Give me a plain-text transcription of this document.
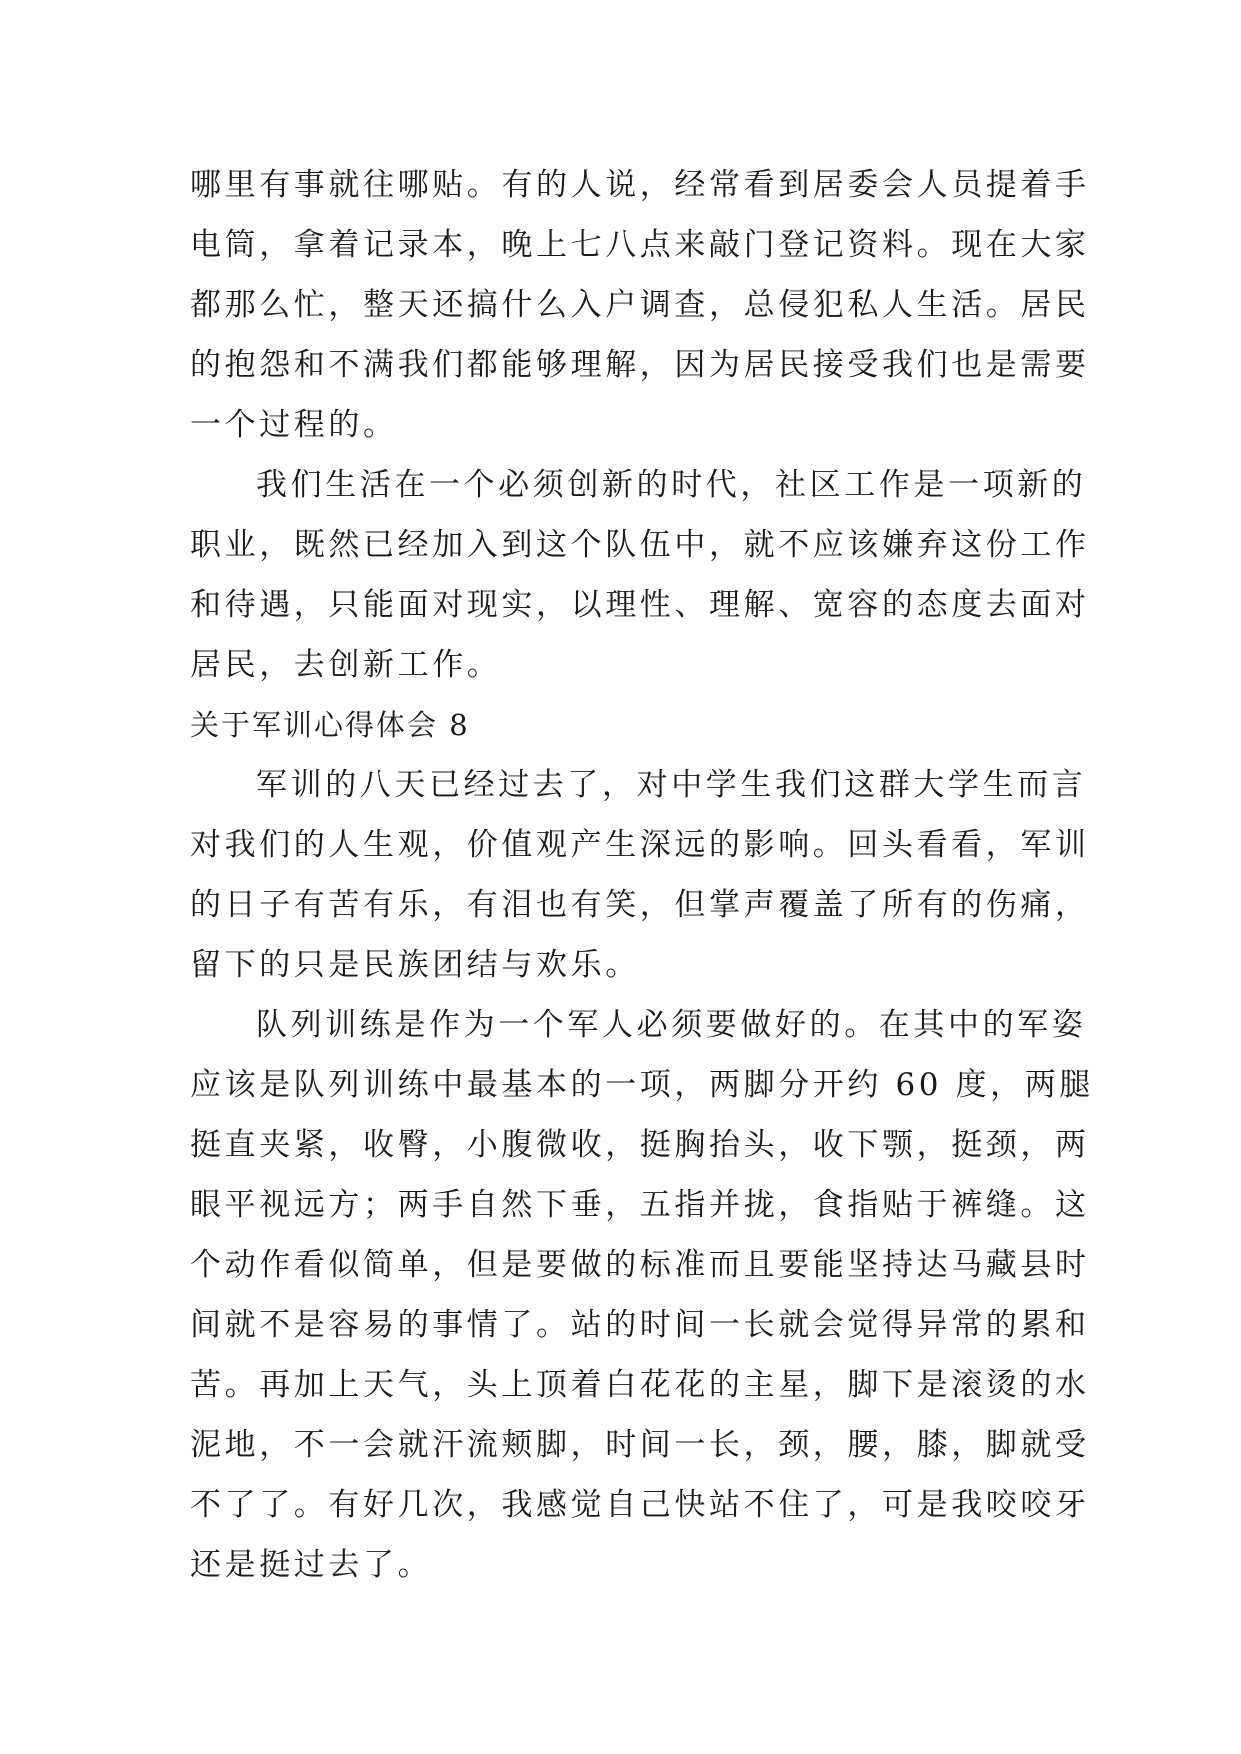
哪里有事就往哪贴。有的人说，经常看到居委会人员提着手
电筒，拿着记录本，晚上七八点来敲门登记资料。现在大家
都那么忙，整天还搞什么入户调查，总侵犯私人生活。居民
的抱怨和不满我们都能够理解，因为居民接受我们也是需要
一个过程的。
我们生活在一个必须创新的时代，社区工作是一项新的
职业，既然已经加入到这个队伍中，就不应该嫌弃这份工作
和待遇，只能面对现实，以理性、理解、宽容的态度去面对
居民，去创新工作。
关于军训心得体会 8
军训的八天已经过去了，对中学生我们这群大学生而言
对我们的人生观，价值观产生深远的影响。回头看看，军训
的日子有苦有乐，有泪也有笑，但掌声覆盖了所有的伤痛，
留下的只是民族团结与欢乐。
队列训练是作为一个军人必须要做好的。在其中的军姿
应该是队列训练中最基本的一项，两脚分开约 60 度，两腿
挺直夹紧，收臀，小腹微收，挺胸抬头，收下颚，挺颈，两
眼平视远方；两手自然下垂，五指并拢，食指贴于裤缝。这
个动作看似简单，但是要做的标准而且要能坚持达马藏县时
间就不是容易的事情了。站的时间一长就会觉得异常的累和
苦。再加上天气，头上顶着白花花的主星，脚下是滚烫的水
泥地，不一会就汗流颊脚，时间一长，颈，腰，膝，脚就受
不了了。有好几次，我感觉自己快站不住了，可是我咬咬牙
还是挺过去了。
